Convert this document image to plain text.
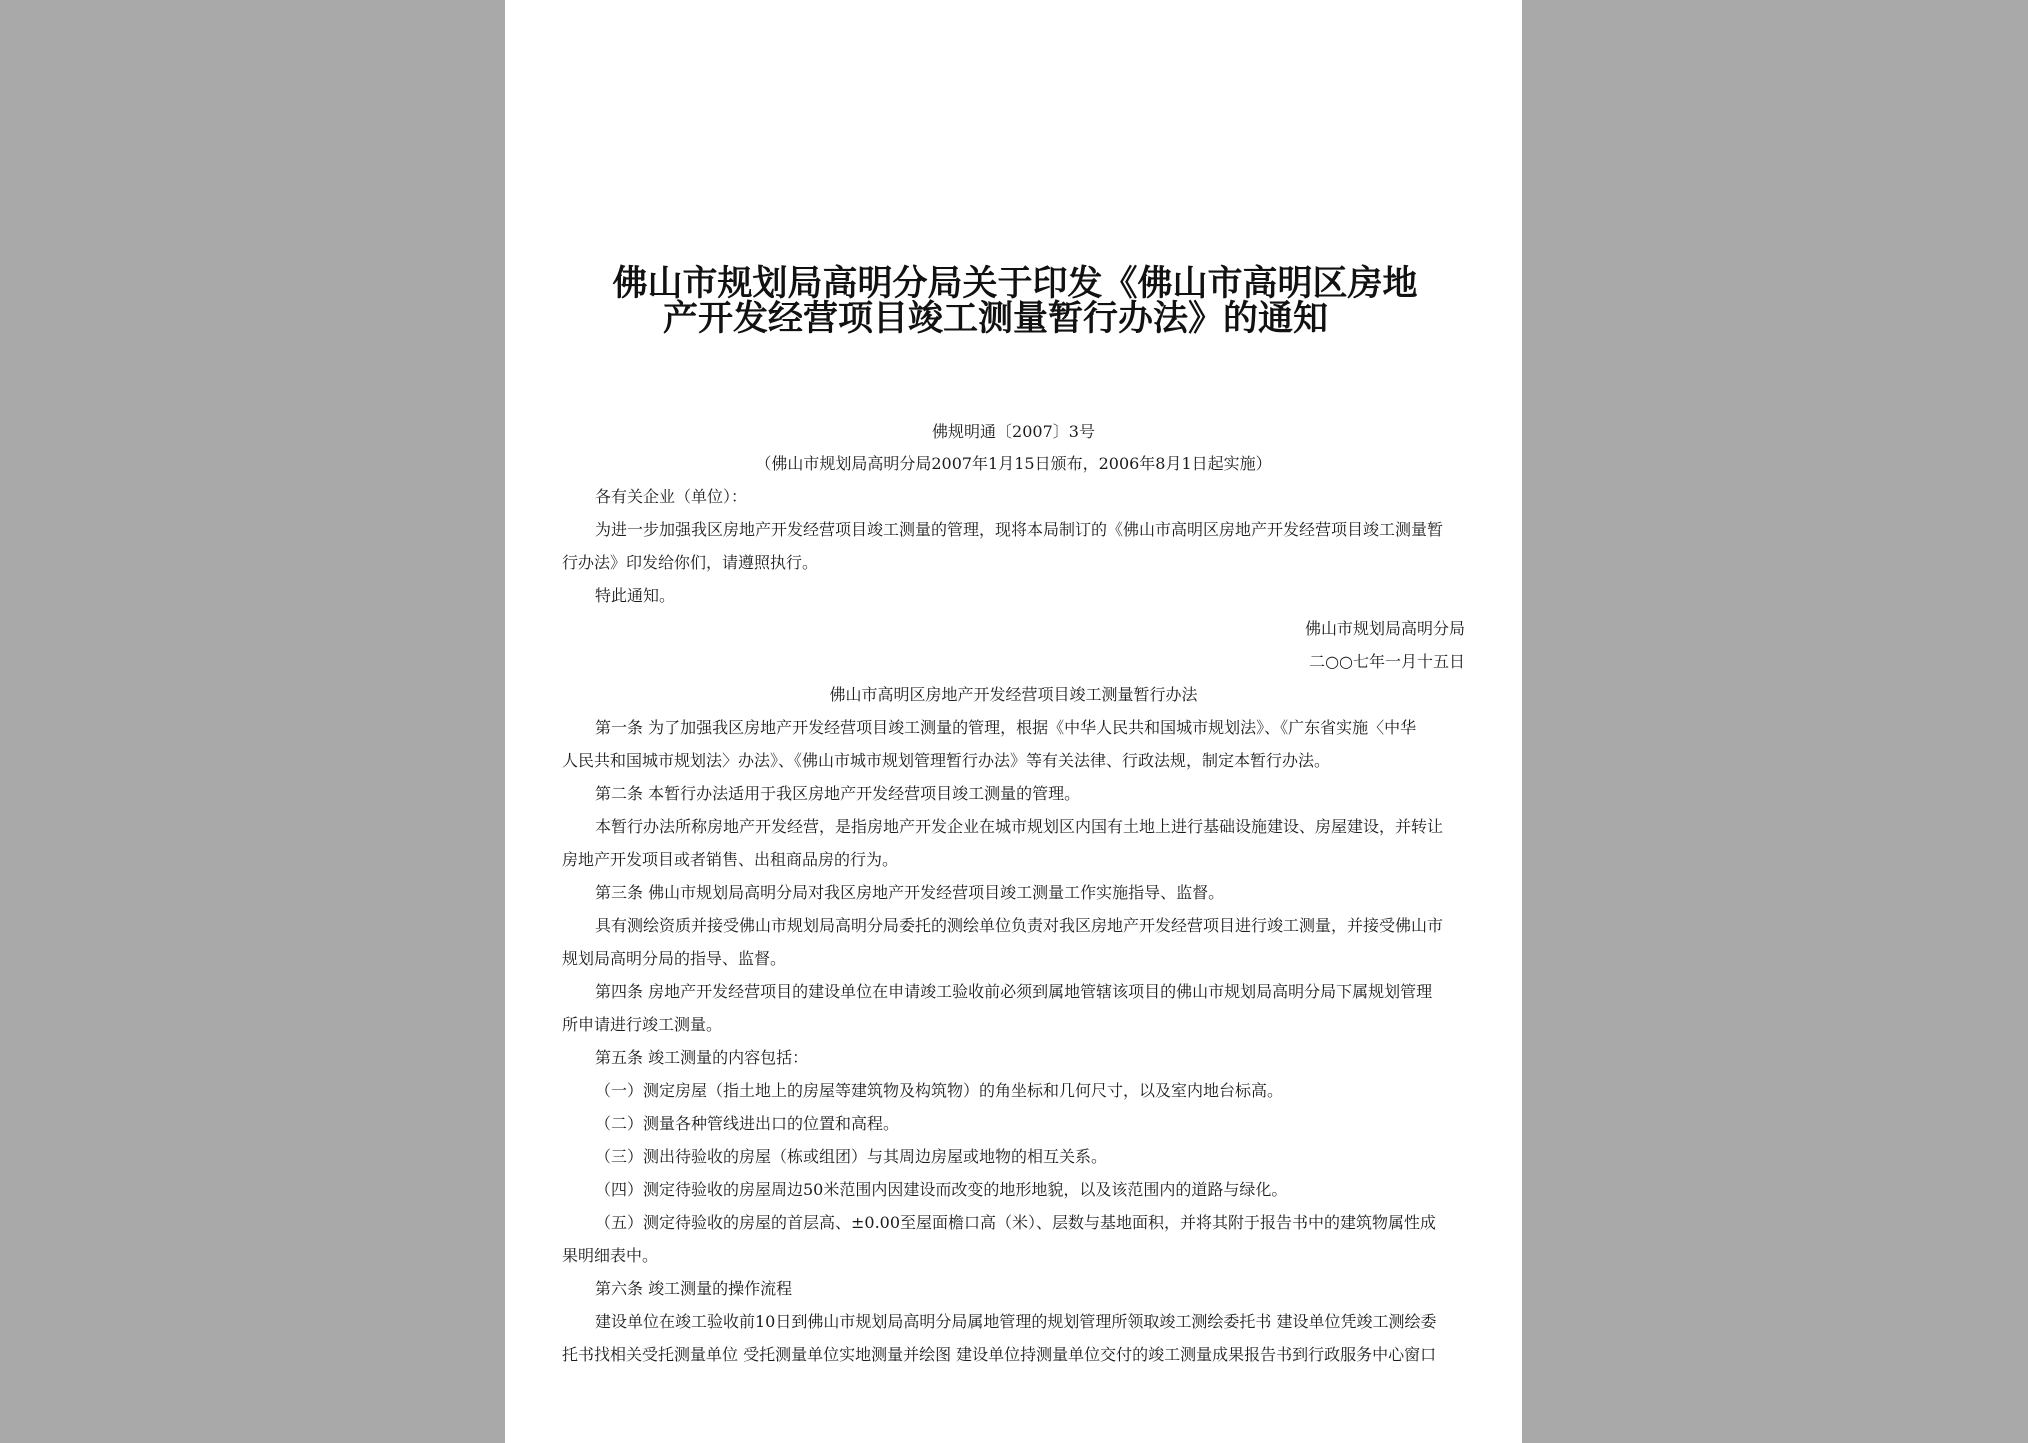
佛山市规划局高明分局关于印发《佛山市高明区房地
产开发经营项目竣工测量暂行办法》的通知
佛规明通〔2007〕3号
（佛山市规划局高明分局2007年1月15日颁布，2006年8月1日起实施）
各有关企业（单位）：
为进一步加强我区房地产开发经营项目竣工测量的管理，现将本局制订的《佛山市高明区房地产开发经营项目竣工测量暂
行办法》印发给你们，请遵照执行。
特此通知。
佛山市规划局高明分局
二○○七年一月十五日
佛山市高明区房地产开发经营项目竣工测量暂行办法
第一条 为了加强我区房地产开发经营项目竣工测量的管理，根据《中华人民共和国城市规划法》、《广东省实施〈中华
人民共和国城市规划法〉办法》、《佛山市城市规划管理暂行办法》等有关法律、行政法规，制定本暂行办法。
第二条 本暂行办法适用于我区房地产开发经营项目竣工测量的管理。
本暂行办法所称房地产开发经营，是指房地产开发企业在城市规划区内国有土地上进行基础设施建设、房屋建设，并转让
房地产开发项目或者销售、出租商品房的行为。
第三条 佛山市规划局高明分局对我区房地产开发经营项目竣工测量工作实施指导、监督。
具有测绘资质并接受佛山市规划局高明分局委托的测绘单位负责对我区房地产开发经营项目进行竣工测量，并接受佛山市
规划局高明分局的指导、监督。
第四条 房地产开发经营项目的建设单位在申请竣工验收前必须到属地管辖该项目的佛山市规划局高明分局下属规划管理
所申请进行竣工测量。
第五条 竣工测量的内容包括：
（一）测定房屋（指土地上的房屋等建筑物及构筑物）的角坐标和几何尺寸，以及室内地台标高。
（二）测量各种管线进出口的位置和高程。
（三）测出待验收的房屋（栋或组团）与其周边房屋或地物的相互关系。
（四）测定待验收的房屋周边50米范围内因建设而改变的地形地貌，以及该范围内的道路与绿化。
（五）测定待验收的房屋的首层高、±0.00至屋面檐口高（米）、层数与基地面积，并将其附于报告书中的建筑物属性成
果明细表中。
第六条 竣工测量的操作流程
建设单位在竣工验收前10日到佛山市规划局高明分局属地管理的规划管理所领取竣工测绘委托书 建设单位凭竣工测绘委
托书找相关受托测量单位 受托测量单位实地测量并绘图 建设单位持测量单位交付的竣工测量成果报告书到行政服务中心窗口
